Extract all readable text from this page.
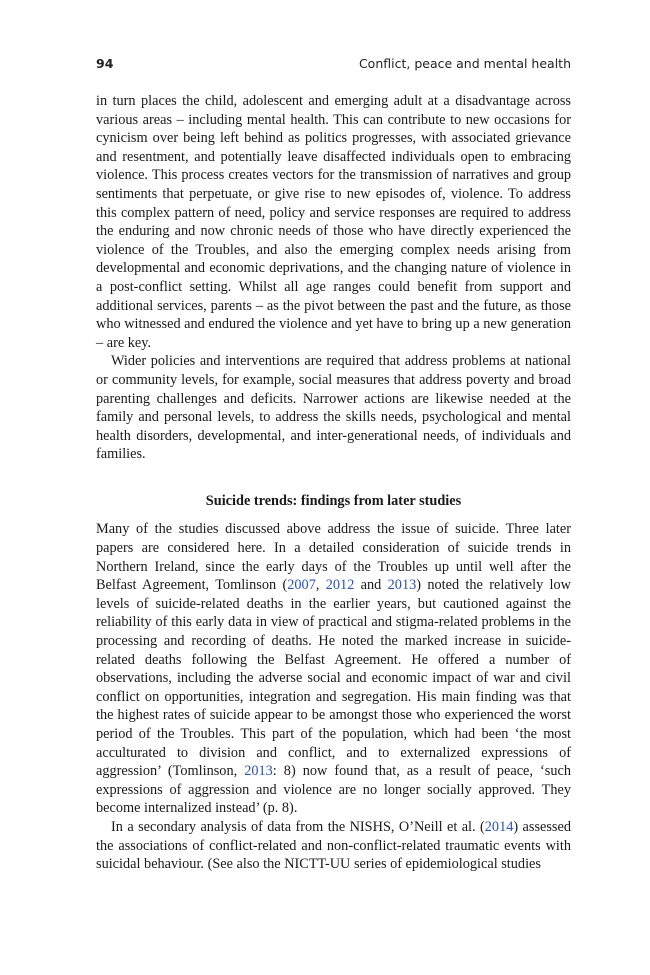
94	Conflict, peace and mental health

in turn places the child, adolescent and emerging adult at a disadvantage across various areas – including mental health. This can contribute to new occasions for cynicism over being left behind as politics progresses, with associated grievance and resentment, and potentially leave disaffected individuals open to embracing violence. This process creates vectors for the transmission of narratives and group sentiments that perpetuate, or give rise to new episodes of, violence. To address this complex pattern of need, policy and service responses are required to address the enduring and now chronic needs of those who have directly experienced the violence of the Troubles, and also the emerging complex needs arising from developmental and economic deprivations, and the changing nature of violence in a post-conflict setting. Whilst all age ranges could benefit from support and additional services, parents – as the pivot between the past and the future, as those who witnessed and endured the violence and yet have to bring up a new generation – are key.

Wider policies and interventions are required that address problems at national or community levels, for example, social measures that address poverty and broad parenting challenges and deficits. Narrower actions are likewise needed at the family and personal levels, to address the skills needs, psychological and mental health disorders, developmental, and inter-generational needs, of individuals and families.

Suicide trends: findings from later studies

Many of the studies discussed above address the issue of suicide. Three later papers are considered here. In a detailed consideration of suicide trends in Northern Ireland, since the early days of the Troubles up until well after the Belfast Agreement, Tomlinson (2007, 2012 and 2013) noted the relatively low levels of suicide-related deaths in the earlier years, but cautioned against the reliability of this early data in view of practical and stigma-related problems in the processing and recording of deaths. He noted the marked increase in suicide-related deaths following the Belfast Agreement. He offered a number of observations, including the adverse social and economic impact of war and civil conflict on opportunities, integration and segregation. His main finding was that the highest rates of suicide appear to be amongst those who experienced the worst period of the Troubles. This part of the population, which had been ‘the most acculturated to division and conflict, and to externalized expressions of aggression’ (Tomlinson, 2013: 8) now found that, as a result of peace, ‘such expressions of aggression and violence are no longer socially approved. They become internalized instead’ (p. 8).

In a secondary analysis of data from the NISHS, O’Neill et al. (2014) assessed the associations of conflict-related and non-conflict-related traumatic events with suicidal behaviour. (See also the NICTT-UU series of epidemiological studies
